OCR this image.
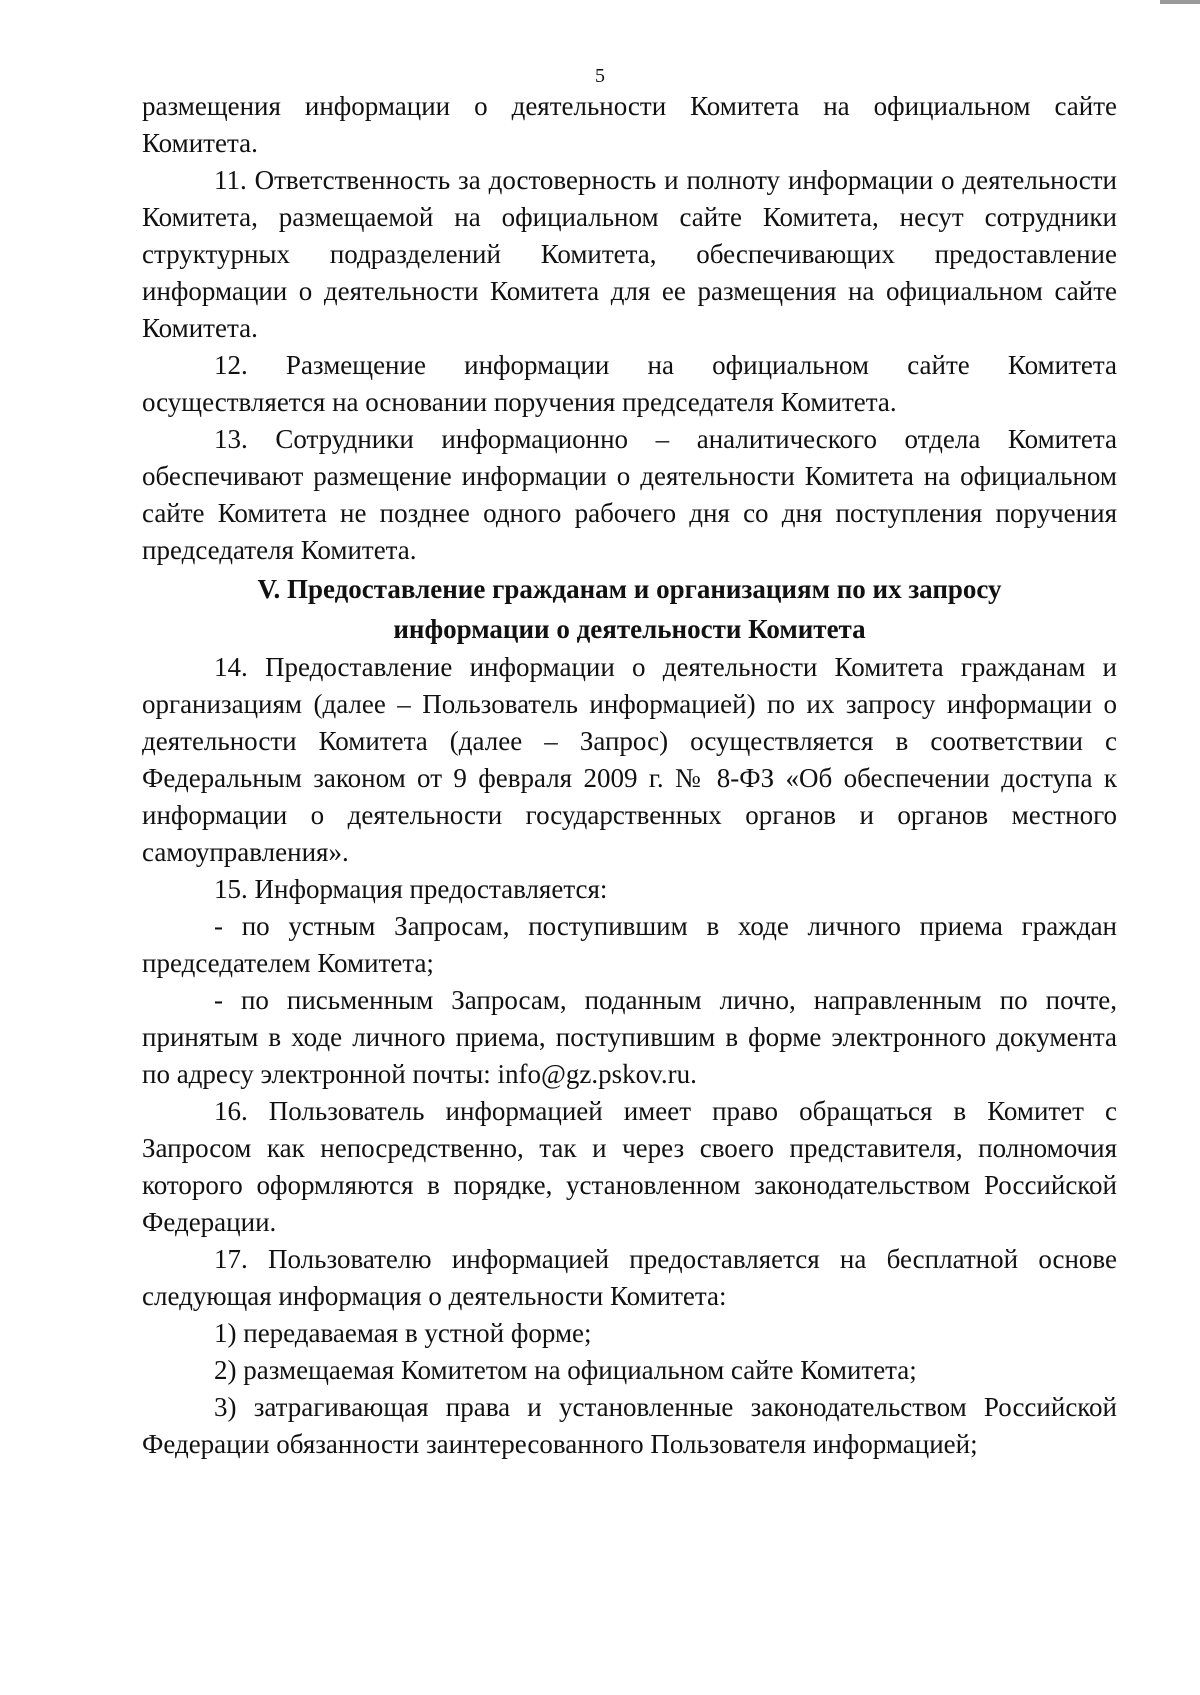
5

размещения информации о деятельности Комитета на официальном сайте Комитета.

11. Ответственность за достоверность и полноту информации о деятельности Комитета, размещаемой на официальном сайте Комитета, несут сотрудники структурных подразделений Комитета, обеспечивающих предоставление информации о деятельности Комитета для ее размещения на официальном сайте Комитета.

12. Размещение информации на официальном сайте Комитета осуществляется на основании поручения председателя Комитета.

13. Сотрудники информационно – аналитического отдела Комитета обеспечивают размещение информации о деятельности Комитета на официальном сайте Комитета не позднее одного рабочего дня со дня поступления поручения председателя Комитета.

V. Предоставление гражданам и организациям по их запросу
информации о деятельности Комитета

14. Предоставление информации о деятельности Комитета гражданам и организациям (далее – Пользователь информацией) по их запросу информации о деятельности Комитета (далее – Запрос) осуществляется в соответствии с Федеральным законом от 9 февраля 2009 г. № 8-ФЗ «Об обеспечении доступа к информации о деятельности государственных органов и органов местного самоуправления».

15. Информация предоставляется:

- по устным Запросам, поступившим в ходе личного приема граждан председателем Комитета;

- по письменным Запросам, поданным лично, направленным по почте, принятым в ходе личного приема, поступившим в форме электронного документа по адресу электронной почты: info@gz.pskov.ru.

16. Пользователь информацией имеет право обращаться в Комитет с Запросом как непосредственно, так и через своего представителя, полномочия которого оформляются в порядке, установленном законодательством Российской Федерации.

17. Пользователю информацией предоставляется на бесплатной основе следующая информация о деятельности Комитета:

1) передаваемая в устной форме;

2) размещаемая Комитетом на официальном сайте Комитета;

3) затрагивающая права и установленные законодательством Российской Федерации обязанности заинтересованного Пользователя информацией;
